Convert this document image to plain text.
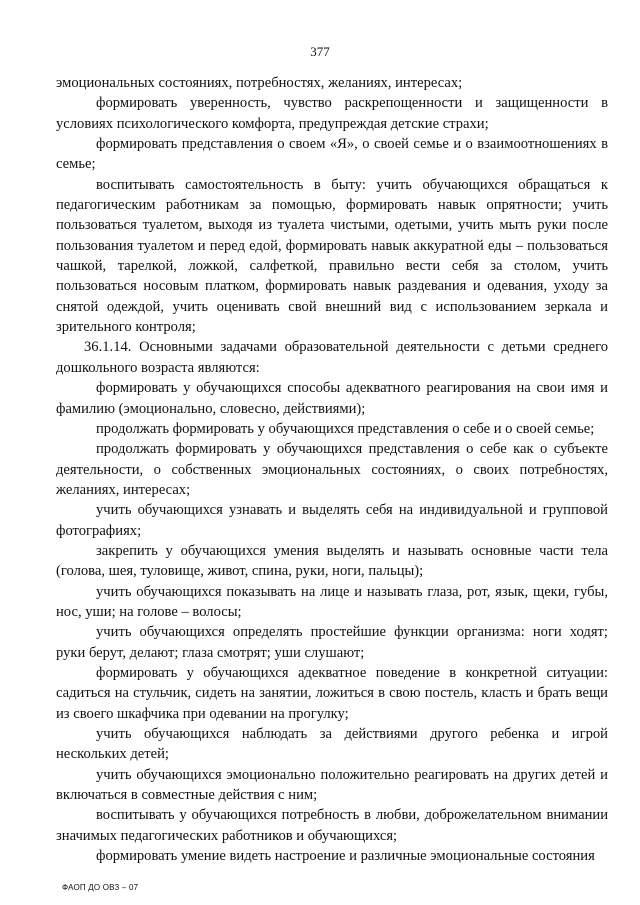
377

эмоциональных состояниях, потребностях, желаниях, интересах;

формировать уверенность, чувство раскрепощенности и защищенности в условиях психологического комфорта, предупреждая детские страхи;

формировать представления о своем «Я», о своей семье и о взаимоотношениях в семье;

воспитывать самостоятельность в быту: учить обучающихся обращаться к педагогическим работникам за помощью, формировать навык опрятности; учить пользоваться туалетом, выходя из туалета чистыми, одетыми, учить мыть руки после пользования туалетом и перед едой, формировать навык аккуратной еды – пользоваться чашкой, тарелкой, ложкой, салфеткой, правильно вести себя за столом, учить пользоваться носовым платком, формировать навык раздевания и одевания, уходу за снятой одеждой, учить оценивать свой внешний вид с использованием зеркала и зрительного контроля;

36.1.14. Основными задачами образовательной деятельности с детьми среднего дошкольного возраста являются:

формировать у обучающихся способы адекватного реагирования на свои имя и фамилию (эмоционально, словесно, действиями);

продолжать формировать у обучающихся представления о себе и о своей семье;

продолжать формировать у обучающихся представления о себе как о субъекте деятельности, о собственных эмоциональных состояниях, о своих потребностях, желаниях, интересах;

учить обучающихся узнавать и выделять себя на индивидуальной и групповой фотографиях;

закрепить у обучающихся умения выделять и называть основные части тела (голова, шея, туловище, живот, спина, руки, ноги, пальцы);

учить обучающихся показывать на лице и называть глаза, рот, язык, щеки, губы, нос, уши; на голове – волосы;

учить обучающихся определять простейшие функции организма: ноги ходят; руки берут, делают; глаза смотрят; уши слушают;

формировать у обучающихся адекватное поведение в конкретной ситуации: садиться на стульчик, сидеть на занятии, ложиться в свою постель, класть и брать вещи из своего шкафчика при одевании на прогулку;

учить обучающихся наблюдать за действиями другого ребенка и игрой нескольких детей;

учить обучающихся эмоционально положительно реагировать на других детей и включаться в совместные действия с ним;

воспитывать у обучающихся потребность в любви, доброжелательном внимании значимых педагогических работников и обучающихся;

формировать умение видеть настроение и различные эмоциональные состояния

ФАОП ДО ОВЗ – 07
